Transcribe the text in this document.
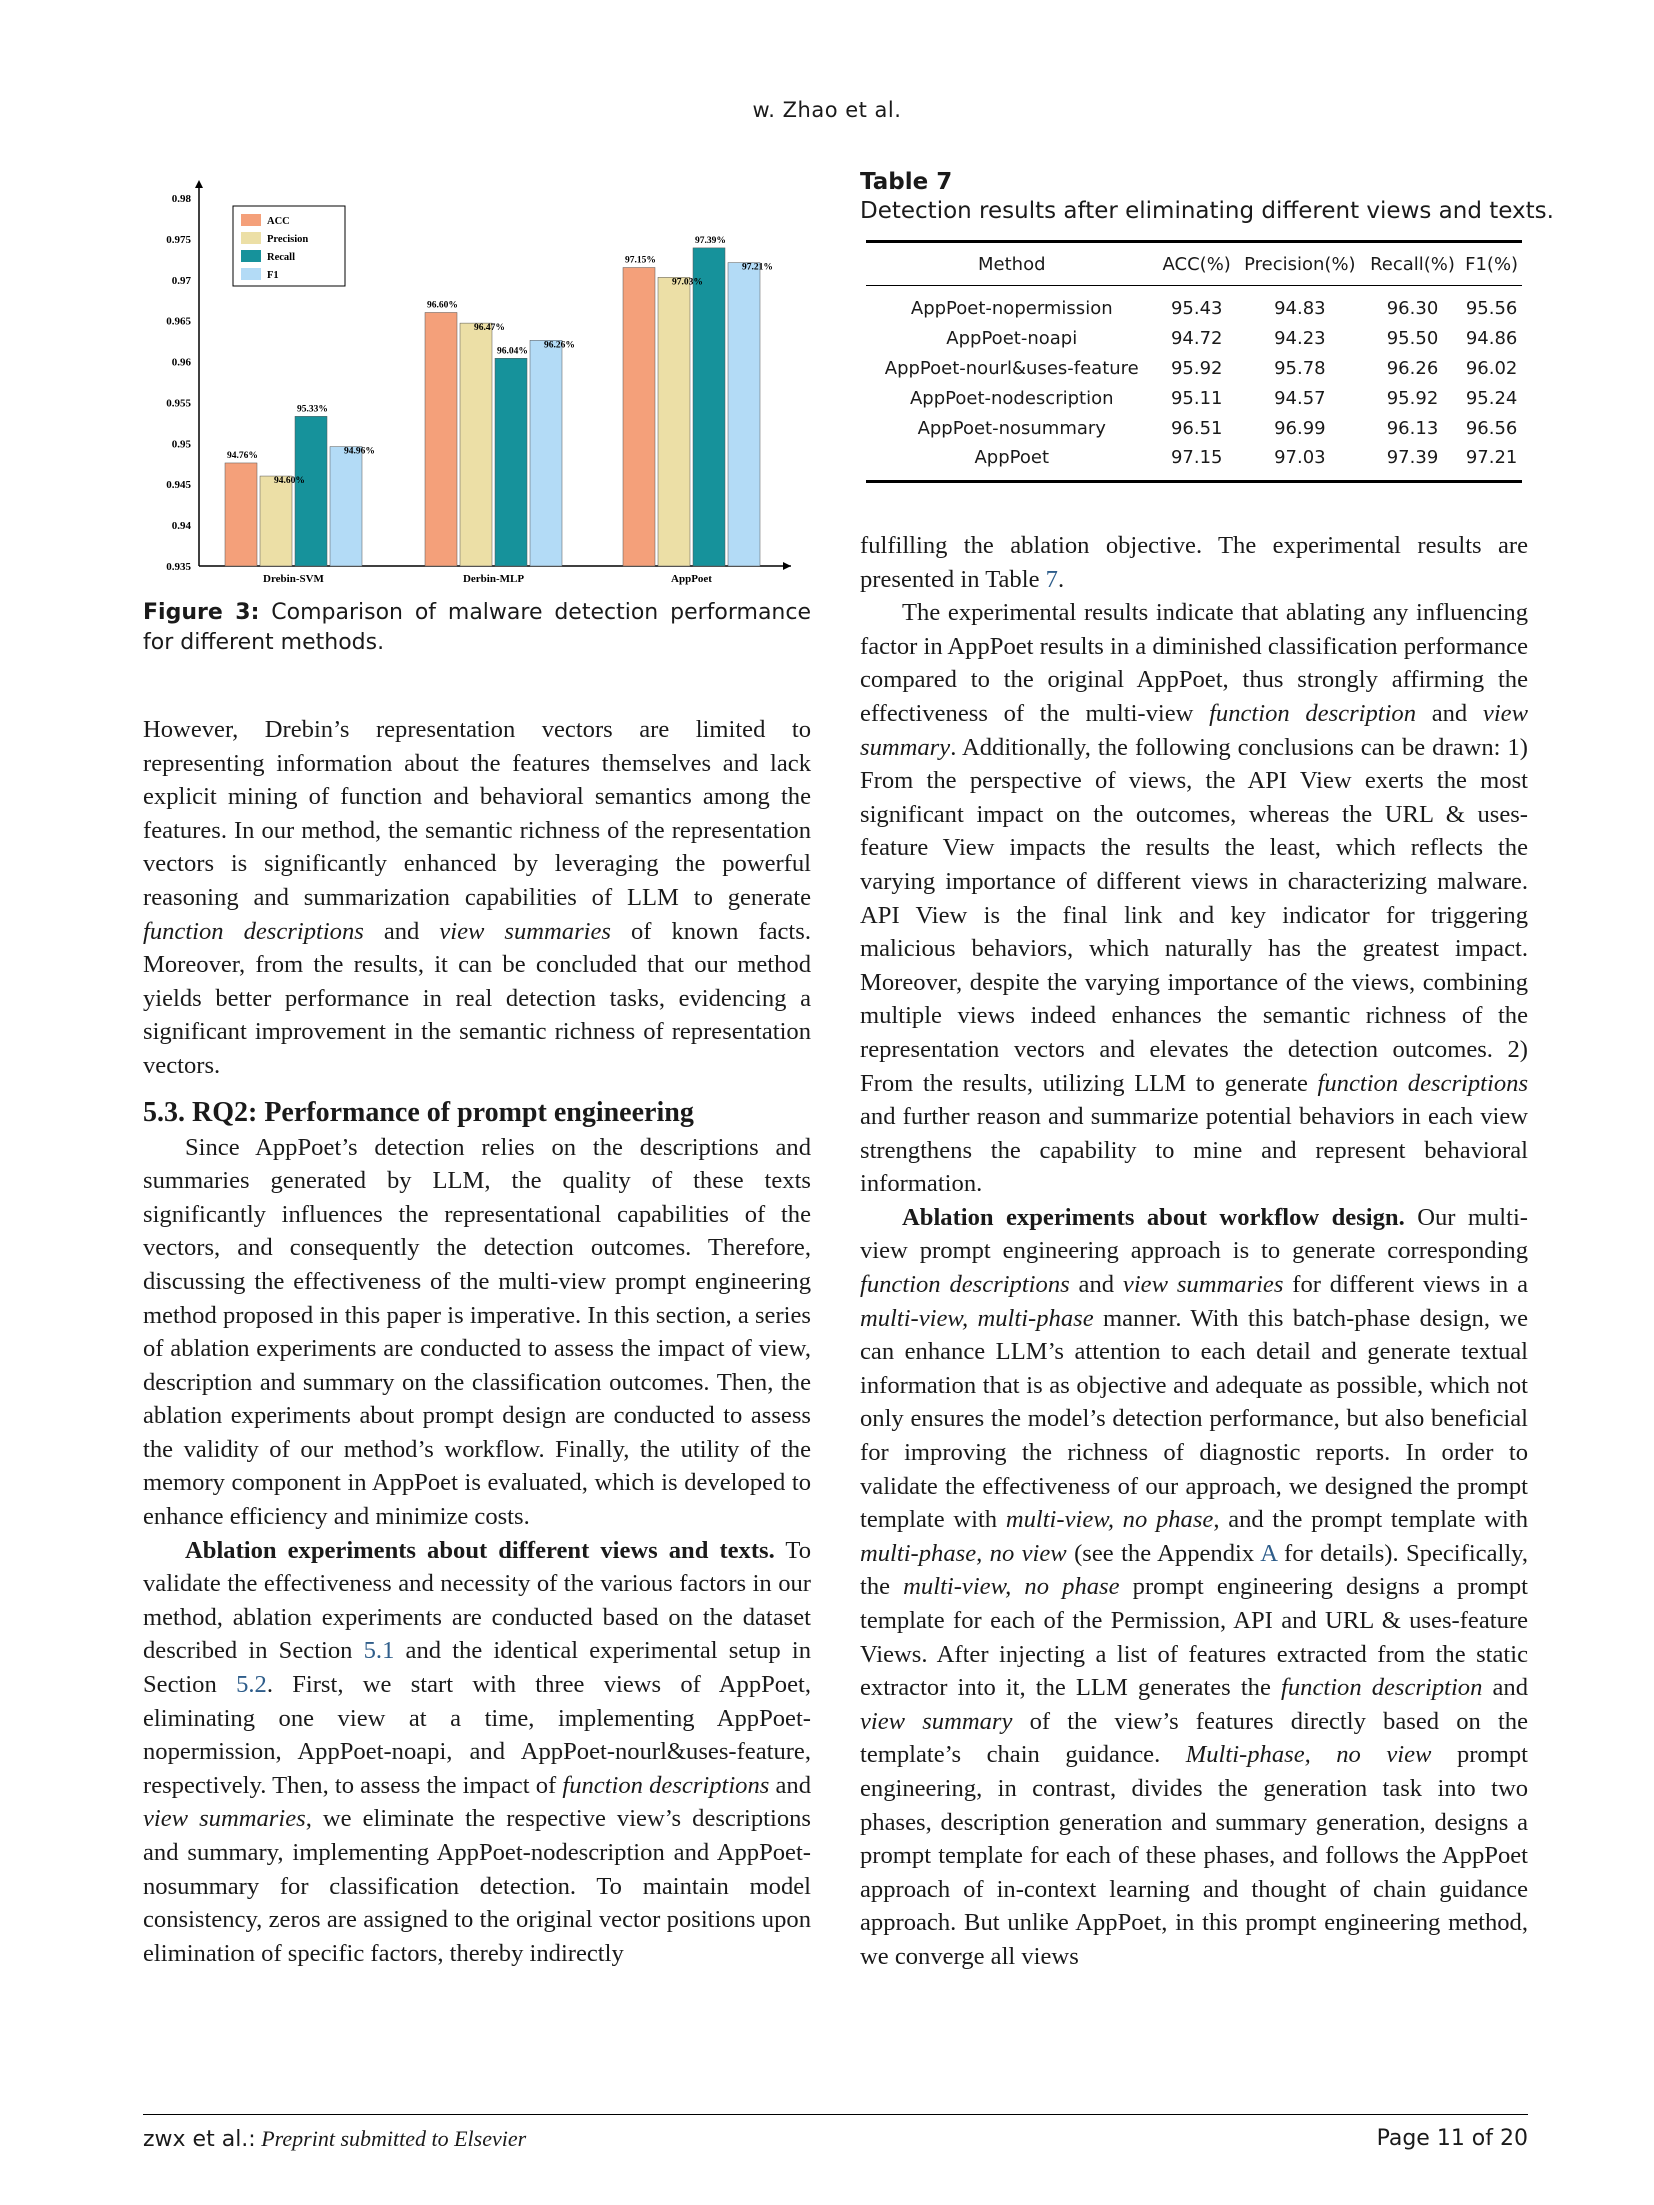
w. Zhao et al.
0.98
0.975
0.97
0.965
0.96
0.955
0.95
0.945
0.94
0.935
Drebin-SVM	Derbin-MLP	AppPoet
94.76%
94.60%
95.33%
94.96%
96.60%
96.47%
96.04%
96.26%
97.15%
97.03%
97.39%
97.21%
ACC
Precision
Recall
F1
Figure 3: Comparison of malware detection performance for different methods.
Table 7
Detection results after eliminating different views and texts.
Method	ACC(%)	Precision(%)	Recall(%)	F1(%)
AppPoet-nopermission	95.43	94.83	96.30	95.56
AppPoet-noapi	94.72	94.23	95.50	94.86
AppPoet-nourl&uses-feature	95.92	95.78	96.26	96.02
AppPoet-nodescription	95.11	94.57	95.92	95.24
AppPoet-nosummary	96.51	96.99	96.13	96.56
AppPoet	97.15	97.03	97.39	97.21

However, Drebin’s representation vectors are limited to representing information about the features themselves and lack explicit mining of function and behavioral semantics among the features. In our method, the semantic richness of the representation vectors is significantly enhanced by leveraging the powerful reasoning and summarization capabilities of LLM to generate function descriptions and view summaries of known facts. Moreover, from the results, it can be concluded that our method yields better performance in real detection tasks, evidencing a significant improvement in the semantic richness of representation vectors.

5.3. RQ2: Performance of prompt engineering

Since AppPoet’s detection relies on the descriptions and summaries generated by LLM, the quality of these texts significantly influences the representational capabilities of the vectors, and consequently the detection outcomes. Therefore, discussing the effectiveness of the multi-view prompt engineering method proposed in this paper is imperative. In this section, a series of ablation experiments are conducted to assess the impact of view, description and summary on the classification outcomes. Then, the ablation experiments about prompt design are conducted to assess the validity of our method’s workflow. Finally, the utility of the memory component in AppPoet is evaluated, which is developed to enhance efficiency and minimize costs.

Ablation experiments about different views and texts. To validate the effectiveness and necessity of the various factors in our method, ablation experiments are conducted based on the dataset described in Section 5.1 and the identical experimental setup in Section 5.2. First, we start with three views of AppPoet, eliminating one view at a time, implementing AppPoet-nopermission, AppPoet-noapi, and AppPoet-nourl&uses-feature, respectively. Then, to assess the impact of function descriptions and view summaries, we eliminate the respective view’s descriptions and summary, implementing AppPoet-nodescription and AppPoet-nosummary for classification detection. To maintain model consistency, zeros are assigned to the original vector positions upon elimination of specific factors, thereby indirectly

fulfilling the ablation objective. The experimental results are presented in Table 7.

The experimental results indicate that ablating any influencing factor in AppPoet results in a diminished classification performance compared to the original AppPoet, thus strongly affirming the effectiveness of the multi-view function description and view summary. Additionally, the following conclusions can be drawn: 1) From the perspective of views, the API View exerts the most significant impact on the outcomes, whereas the URL & uses-feature View impacts the results the least, which reflects the varying importance of different views in characterizing malware. API View is the final link and key indicator for triggering malicious behaviors, which naturally has the greatest impact. Moreover, despite the varying importance of the views, combining multiple views indeed enhances the semantic richness of the representation vectors and elevates the detection outcomes. 2) From the results, utilizing LLM to generate function descriptions and further reason and summarize potential behaviors in each view strengthens the capability to mine and represent behavioral information.

Ablation experiments about workflow design. Our multi-view prompt engineering approach is to generate corresponding function descriptions and view summaries for different views in a multi-view, multi-phase manner. With this batch-phase design, we can enhance LLM’s attention to each detail and generate textual information that is as objective and adequate as possible, which not only ensures the model’s detection performance, but also beneficial for improving the richness of diagnostic reports. In order to validate the effectiveness of our approach, we designed the prompt template with multi-view, no phase, and the prompt template with multi-phase, no view (see the Appendix A for details). Specifically, the multi-view, no phase prompt engineering designs a prompt template for each of the Permission, API and URL & uses-feature Views. After injecting a list of features extracted from the static extractor into it, the LLM generates the function description and view summary of the view’s features directly based on the template’s chain guidance. Multi-phase, no view prompt engineering, in contrast, divides the generation task into two phases, description generation and summary generation, designs a prompt template for each of these phases, and follows the AppPoet approach of in-context learning and thought of chain guidance approach. But unlike AppPoet, in this prompt engineering method, we converge all views

zwx et al.: Preprint submitted to Elsevier	Page 11 of 20
